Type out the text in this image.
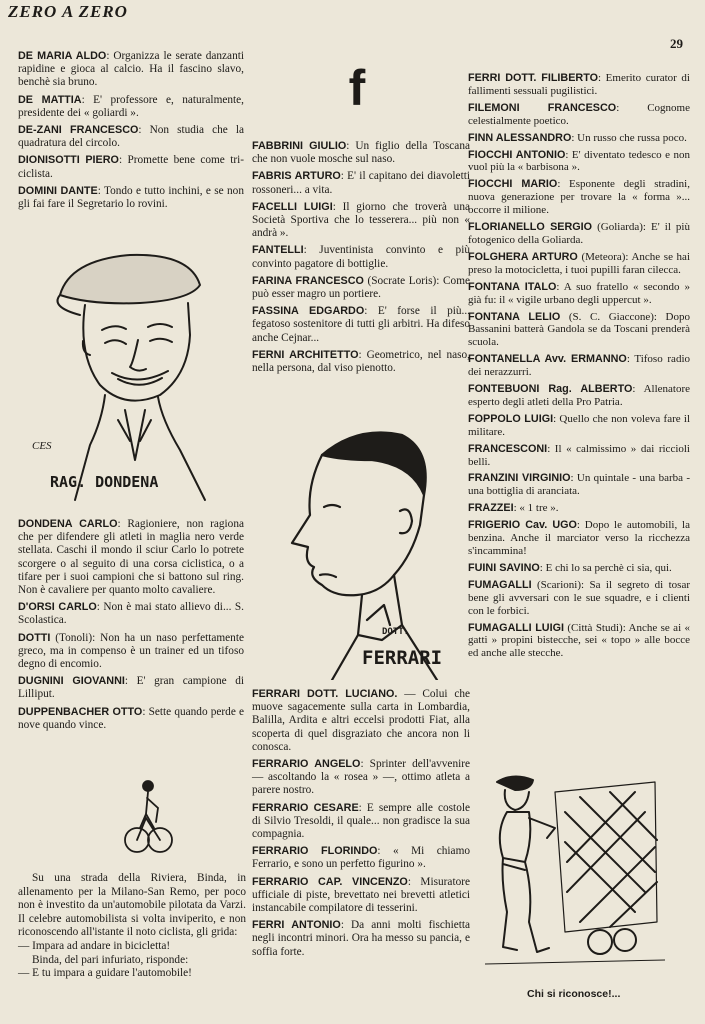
ZERO A ZERO
29
DE MARIA ALDO: Organizza le serate danzanti rapidine e gioca al calcio. Ha il fascino slavo, benchè sia bruno.
DE MATTIA: E' professore e, naturalmente, presidente dei « goliardi ».
DE-ZANI FRANCESCO: Non studia che la quadratura del circolo.
DIONISOTTI PIERO: Promette bene come tri-ciclista.
DOMINI DANTE: Tondo e tutto inchini, e se non gli fai fare il Segretario lo rovini.
RAG. DONDENA
CES
DONDENA CARLO: Ragioniere, non ragiona che per difendere gli atleti in maglia nero verde stellata. Caschi il mondo il sciur Carlo lo potrete scorgere o al seguito di una corsa ciclistica, o a tifare per i suoi campioni che si battono sul ring. Non è cavaliere per quanto molto cavaliere.
D'ORSI CARLO: Non è mai stato allievo di... S. Scolastica.
DOTTI (Tonoli): Non ha un naso perfettamente greco, ma in compenso è un trainer ed un tifoso degno di encomio.
DUGNINI GIOVANNI: E' gran campione di Lilliput.
DUPPENBACHER OTTO: Sette quando perde e nove quando vince.

Su una strada della Riviera, Binda, in allenamento per la Milano-San Remo, per poco non è investito da un'automobile pilotata da Varzi. Il celebre automobilista si volta inviperito, e non riconoscendo all'istante il noto ciclista, gli grida:

— Impara ad andare in bicicletta!

Binda, del pari infuriato, risponde:

— E tu impara a guidare l'automobile!

f
FABBRINI GIULIO: Un figlio della Toscana che non vuole mosche sul naso.
FABRIS ARTURO: E' il capitano dei diavoletti rossoneri... a vita.
FACELLI LUIGI: Il giorno che troverà una Società Sportiva che lo tesserera... più non « andrà ».
FANTELLI: Juventinista convinto e più convinto pagatore di bottiglie.
FARINA FRANCESCO (Socrate Loris): Come può esser magro un portiere.
FASSINA EDGARDO: E' forse il più... fegatoso sostenitore di tutti gli arbitri. Ha difeso anche Cejnar...
FERNI ARCHITETTO: Geometrico, nel naso, nella persona, dal viso pienotto.
DOTT.
FERRARI
FERRARI DOTT. LUCIANO. — Colui che muove sagacemente sulla carta in Lombardia, Balilla, Ardita e altri eccelsi prodotti Fiat, alla scoperta di quel disgraziato che ancora non li conosca.
FERRARIO ANGELO: Sprinter dell'avvenire — ascoltando la « rosea » —, ottimo atleta a parere nostro.
FERRARIO CESARE: E sempre alle costole di Silvio Tresoldi, il quale... non gradisce la sua compagnia.
FERRARIO FLORINDO: « Mi chiamo Ferrario, e sono un perfetto figurino ».
FERRARIO CAP. VINCENZO: Misuratore ufficiale di piste, brevettato nei brevetti atletici instancabile compilatore di tesserini.
FERRI ANTONIO: Da anni molti fischietta negli incontri minori. Ora ha messo su pancia, e soffia forte.
FERRI DOTT. FILIBERTO: Emerito curator di fallimenti sessuali pugilistici.
FILEMONI FRANCESCO: Cognome celestialmente poetico.
FINN ALESSANDRO: Un russo che russa poco.
FIOCCHI ANTONIO: E' diventato tedesco e non vuol più la « barbisona ».
FIOCCHI MARIO: Esponente degli stradini, nuova generazione per trovare la « forma »... occorre il milione.
FLORIANELLO SERGIO (Goliarda): E' il più fotogenico della Goliarda.
FOLGHERA ARTURO (Meteora): Anche se hai preso la motocicletta, i tuoi pupilli faran cilecca.
FONTANA ITALO: A suo fratello « secondo » già fu: il « vigile urbano degli uppercut ».
FONTANA LELIO (S. C. Giaccone): Dopo Bassanini batterà Gandola se da Toscani prenderà scuola.
FONTANELLA Avv. ERMANNO: Tifoso radio dei nerazzurri.
FONTEBUONI Rag. ALBERTO: Allenatore esperto degli atleti della Pro Patria.
FOPPOLO LUIGI: Quello che non voleva fare il militare.
FRANCESCONI: Il « calmissimo » dai riccioli belli.
FRANZINI VIRGINIO: Un quintale - una barba - una bottiglia di aranciata.
FRAZZEI: « 1 tre ».
FRIGERIO Cav. UGO: Dopo le automobili, la benzina. Anche il marciator verso la ricchezza s'incammina!
FUINI SAVINO: E chi lo sa perchè ci sia, qui.
FUMAGALLI (Scarioni): Sa il segreto di tosar bene gli avversari con le sue squadre, e i clienti con le forbici.
FUMAGALLI LUIGI (Città Studi): Anche se ai « gatti » propini bistecche, sei « topo » alle bocce ed anche alle stecche.
Chi si riconosce!...
